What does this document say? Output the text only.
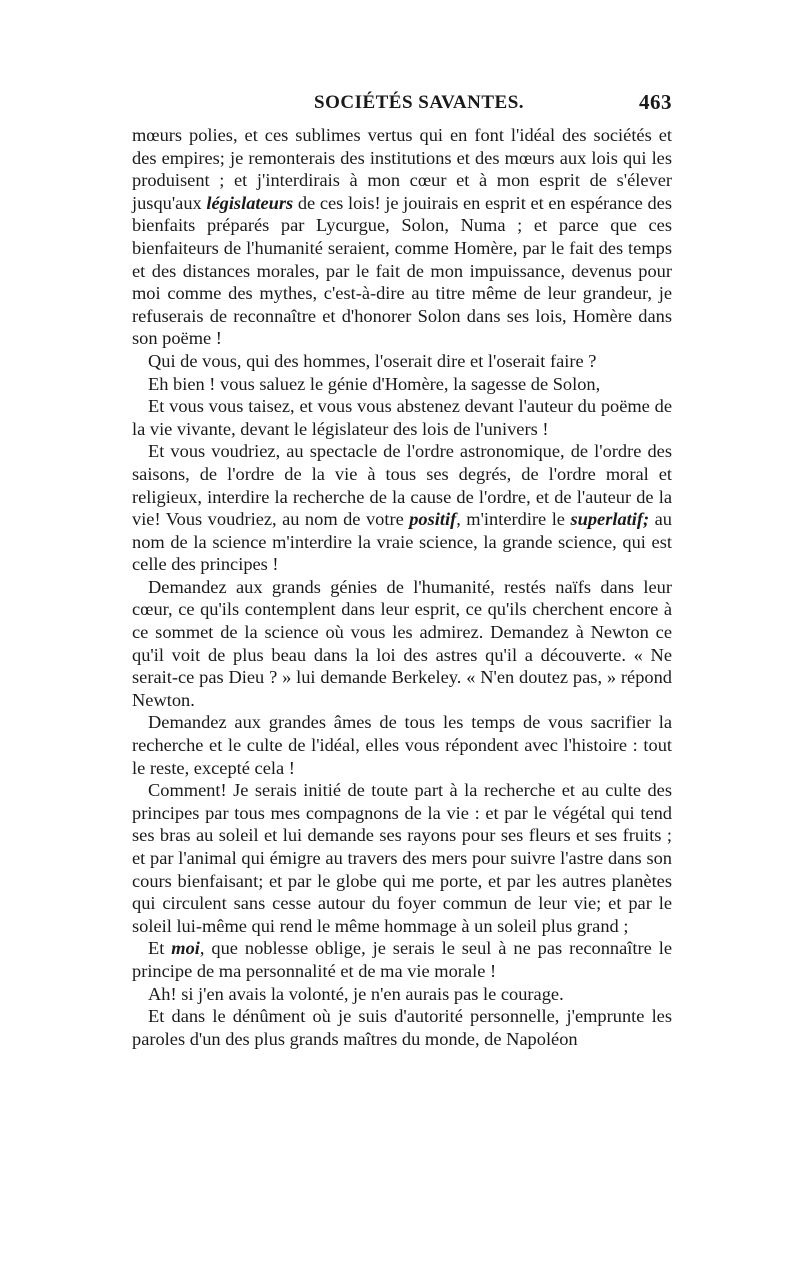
SOCIÉTÉS SAVANTES.	463

mœurs polies, et ces sublimes vertus qui en font l'idéal des sociétés et des empires; je remonterais des institutions et des mœurs aux lois qui les produisent ; et j'interdirais à mon cœur et à mon esprit de s'élever jusqu'aux législateurs de ces lois! je jouirais en esprit et en espérance des bienfaits préparés par Lycurgue, Solon, Numa ; et parce que ces bienfaiteurs de l'humanité seraient, comme Homère, par le fait des temps et des distances morales, par le fait de mon impuissance, devenus pour moi comme des mythes, c'est-à-dire au titre même de leur grandeur, je refuserais de reconnaître et d'honorer Solon dans ses lois, Homère dans son poëme !

Qui de vous, qui des hommes, l'oserait dire et l'oserait faire ?

Eh bien ! vous saluez le génie d'Homère, la sagesse de Solon,

Et vous vous taisez, et vous vous abstenez devant l'auteur du poëme de la vie vivante, devant le législateur des lois de l'univers !

Et vous voudriez, au spectacle de l'ordre astronomique, de l'ordre des saisons, de l'ordre de la vie à tous ses degrés, de l'ordre moral et religieux, interdire la recherche de la cause de l'ordre, et de l'auteur de la vie! Vous voudriez, au nom de votre positif, m'interdire le superlatif; au nom de la science m'interdire la vraie science, la grande science, qui est celle des principes !

Demandez aux grands génies de l'humanité, restés naïfs dans leur cœur, ce qu'ils contemplent dans leur esprit, ce qu'ils cherchent encore à ce sommet de la science où vous les admirez. Demandez à Newton ce qu'il voit de plus beau dans la loi des astres qu'il a découverte. « Ne serait-ce pas Dieu ? » lui demande Berkeley. « N'en doutez pas, » répond Newton.

Demandez aux grandes âmes de tous les temps de vous sacrifier la recherche et le culte de l'idéal, elles vous répondent avec l'histoire : tout le reste, excepté cela !

Comment! Je serais initié de toute part à la recherche et au culte des principes par tous mes compagnons de la vie : et par le végétal qui tend ses bras au soleil et lui demande ses rayons pour ses fleurs et ses fruits ; et par l'animal qui émigre au travers des mers pour suivre l'astre dans son cours bienfaisant; et par le globe qui me porte, et par les autres planètes qui circulent sans cesse autour du foyer commun de leur vie; et par le soleil lui-même qui rend le même hommage à un soleil plus grand ;

Et moi, que noblesse oblige, je serais le seul à ne pas reconnaître le principe de ma personnalité et de ma vie morale !

Ah! si j'en avais la volonté, je n'en aurais pas le courage.

Et dans le dénûment où je suis d'autorité personnelle, j'emprunte les paroles d'un des plus grands maîtres du monde, de Napoléon
